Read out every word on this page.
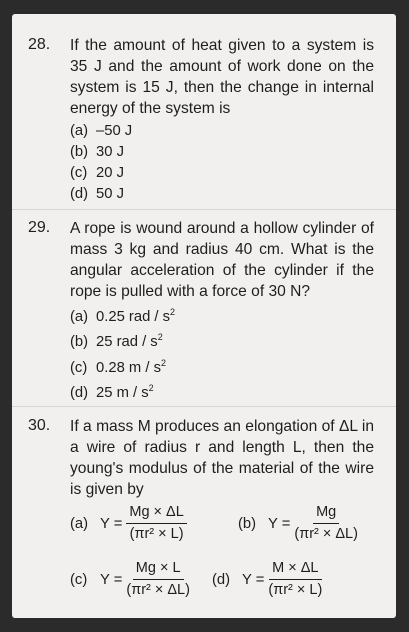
28. If the amount of heat given to a system is 35 J and the amount of work done on the system is 15 J, then the change in internal energy of the system is
(a) –50 J
(b) 30 J
(c) 20 J
(d) 50 J
29. A rope is wound around a hollow cylinder of mass 3 kg and radius 40 cm. What is the angular acceleration of the cylinder if the rope is pulled with a force of 30 N?
(a) 0.25 rad / $s^2$
(b) 25 rad / $s^2$
(c) 0.28 m / $s^2$
(d) 25 m / $s^2$
30. If a mass M produces an elongation of ΔL in a wire of radius r and length L, then the young's modulus of the material of the wire is given by
(a) $Y = \frac{Mg \times \Delta L}{\text{(πr² × L)}}$	(b) $Y = \frac{Mg}{\text{(πr² × ΔL)}}$
(c) $Y = \frac{Mg \times L}{\text{(πr² × ΔL)}} (d) Y = \frac{M \times \Delta L}{\text{(πr² × L)}}$
